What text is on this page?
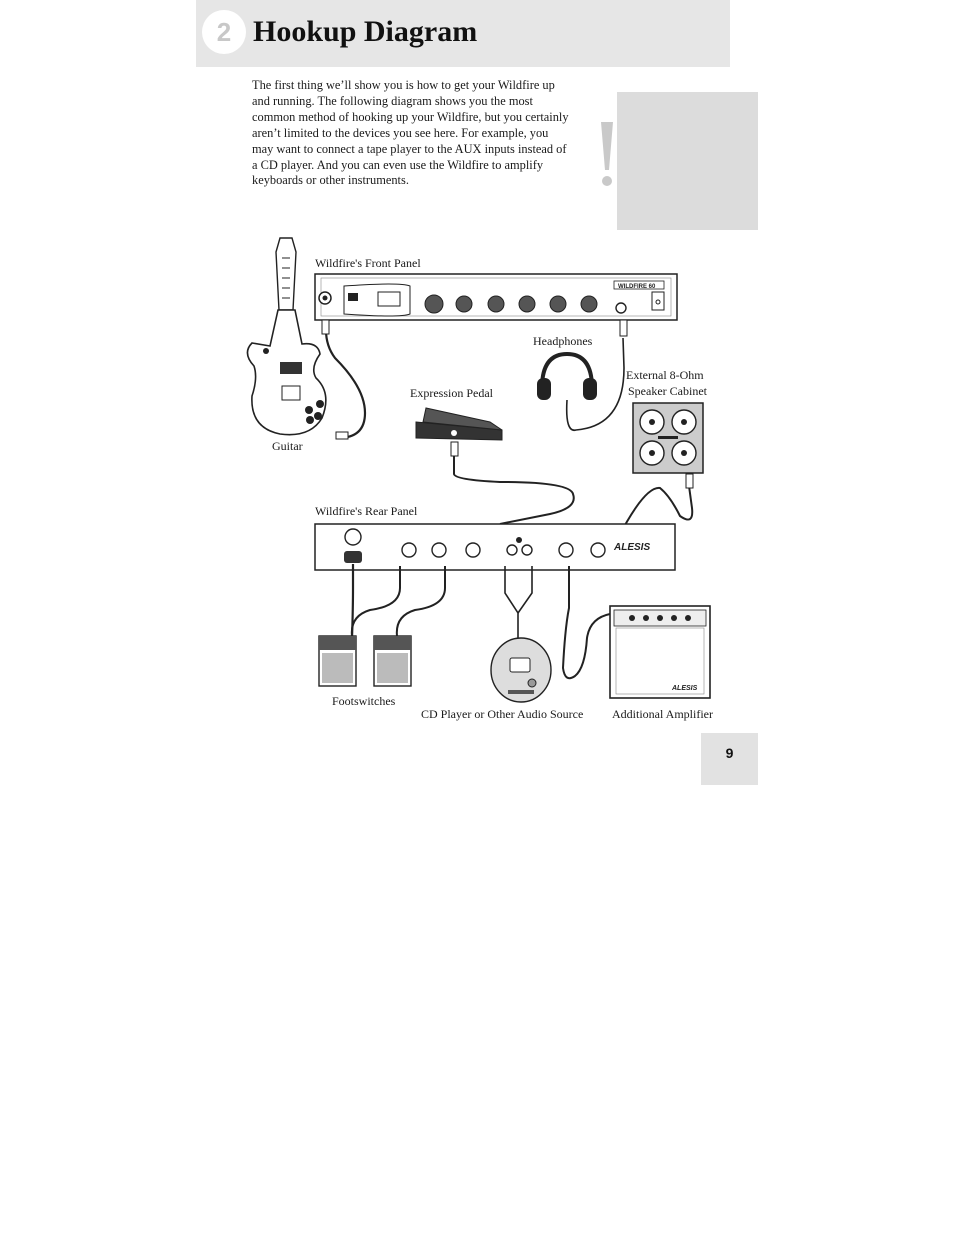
2 Hookup Diagram

The first thing we’ll show you is how to get your Wildfire up and running. The following diagram shows you the most common method of hooking up your Wildfire, but you certainly aren’t limited to the devices you see here. For example, you may want to connect a tape player to the AUX inputs instead of a CD player. And you can even use the Wildfire to amplify keyboards or other instruments.

WILDFIRE 60
ALESIS
ALESIS
Wildfire's Front Panel
Headphones
Expression Pedal
External 8-Ohm
Speaker Cabinet
Guitar
Wildfire's Rear Panel
Footswitches
CD Player or Other Audio Source Additional Amplifier
9
